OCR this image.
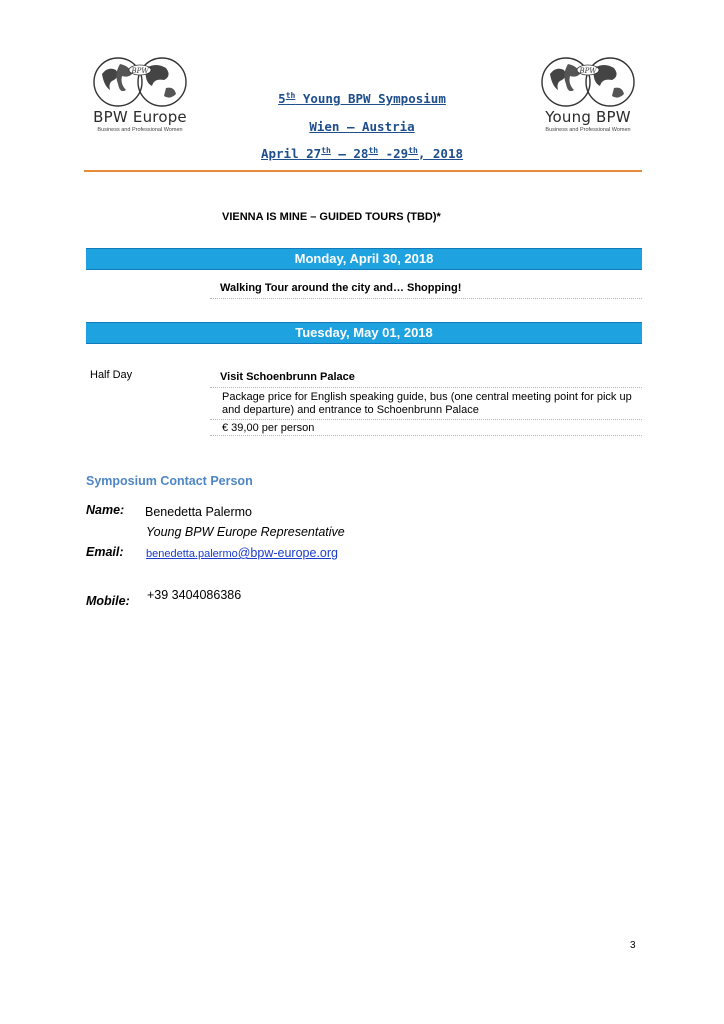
BPW
BPW Europe
Business and Professional Women
BPW
Young BPW
Business and Professional Women
5th Young BPW Symposium
Wien – Austria
April 27th – 28th -29th, 2018
VIENNA IS MINE – GUIDED TOURS (TBD)*
Monday, April 30, 2018
Walking Tour around the city and… Shopping!
Tuesday, May 01, 2018
Half Day	Visit Schoenbrunn Palace
Package price for English speaking guide, bus (one central meeting point for pick up and departure) and entrance to Schoenbrunn Palace
€ 39,00 per person
Symposium Contact Person
Name: Benedetta Palermo
Young BPW Europe Representative
Email: benedetta.palermo@bpw-europe.org
Mobile: +39 3404086386
3
